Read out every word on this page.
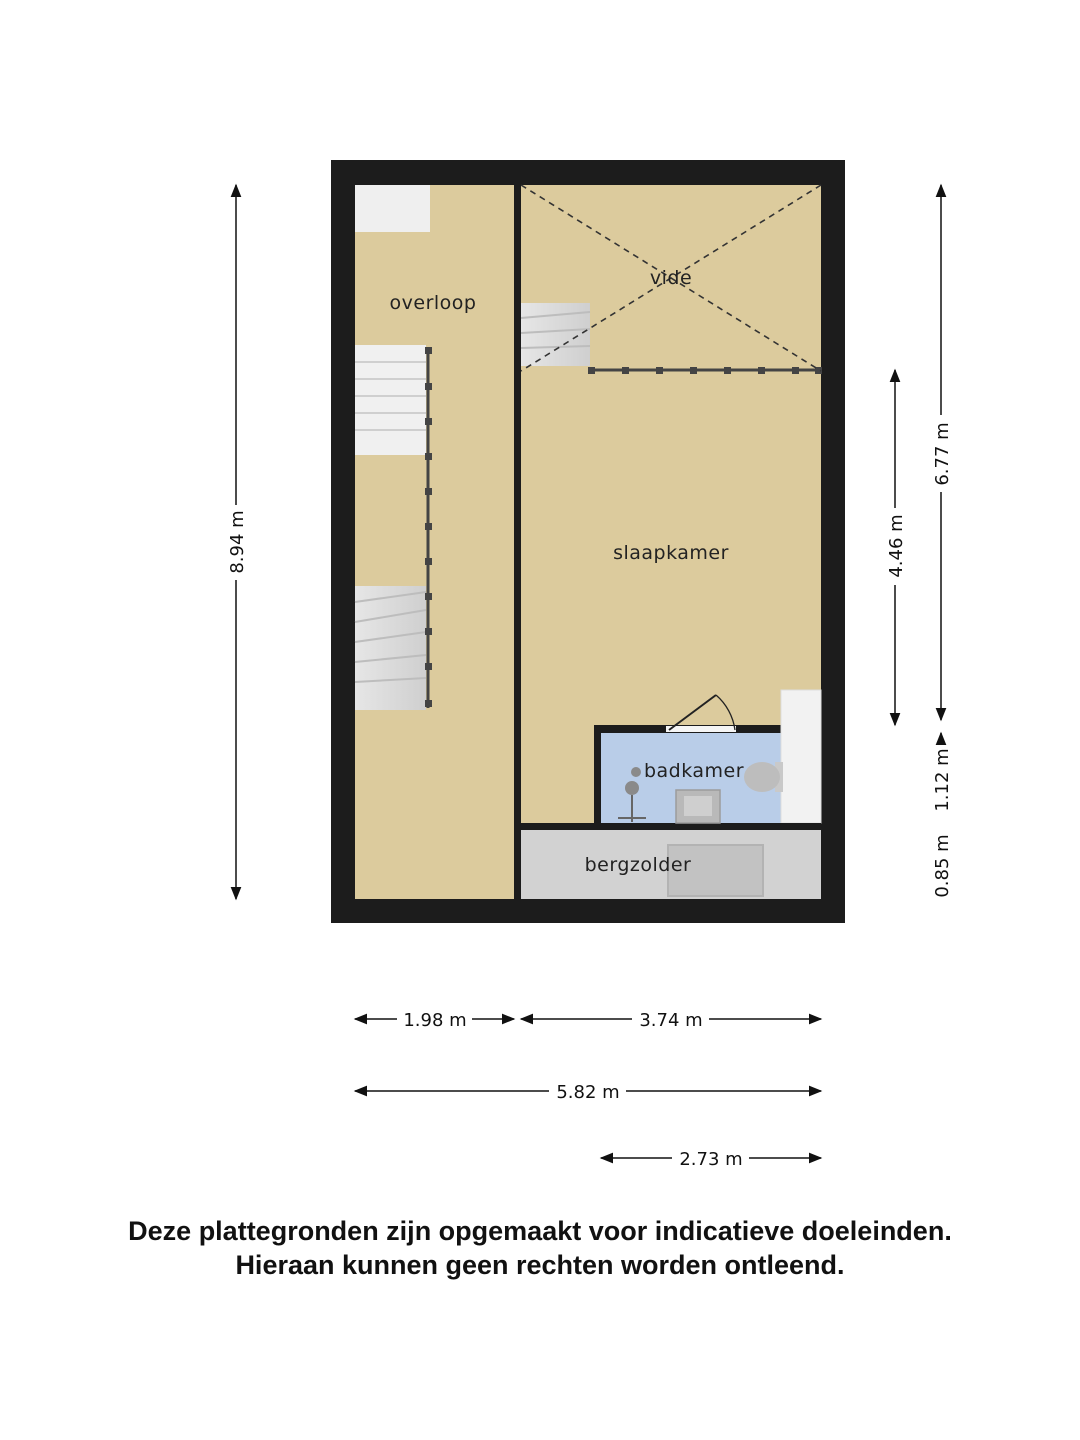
overloop
vide
slaapkamer
badkamer
bergzolder
8.94 m
6.77 m
4.46 m
1.12 m
0.85 m
1.98 m	3.74 m
5.82 m
2.73 m
Deze plattegronden zijn opgemaakt voor indicatieve doeleinden.
Hieraan kunnen geen rechten worden ontleend.
